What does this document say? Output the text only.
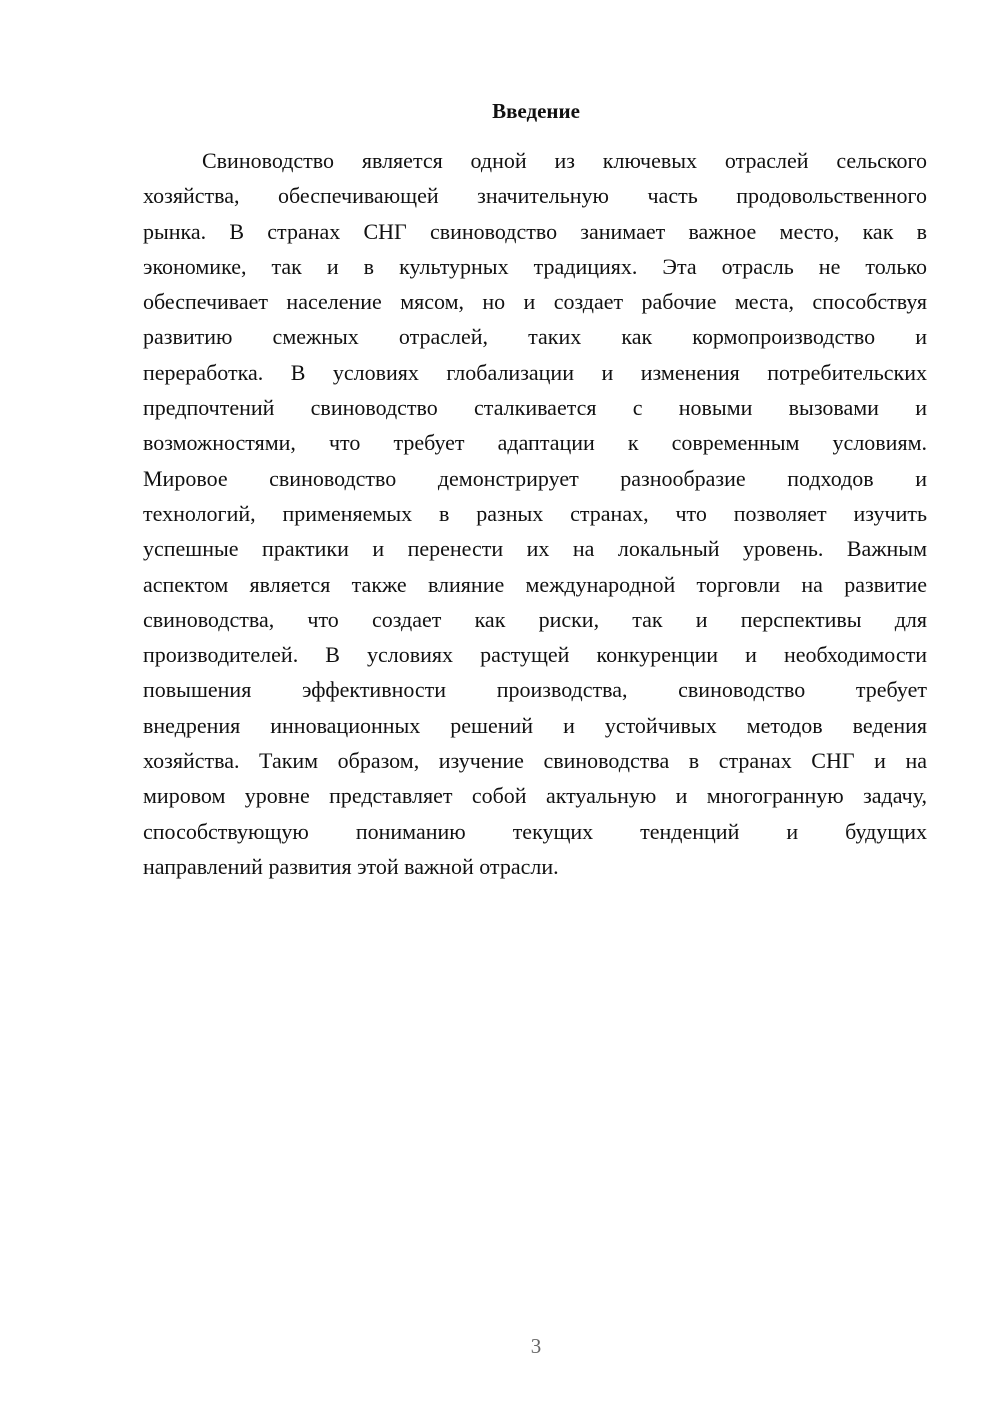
Введение
Свиноводство является одной из ключевых отраслей сельского
хозяйства, обеспечивающей значительную часть продовольственного
рынка. В странах СНГ свиноводство занимает важное место, как в
экономике, так и в культурных традициях. Эта отрасль не только
обеспечивает население мясом, но и создает рабочие места, способствуя
развитию смежных отраслей, таких как кормопроизводство и
переработка. В условиях глобализации и изменения потребительских
предпочтений свиноводство сталкивается с новыми вызовами и
возможностями, что требует адаптации к современным условиям.
Мировое свиноводство демонстрирует разнообразие подходов и
технологий, применяемых в разных странах, что позволяет изучить
успешные практики и перенести их на локальный уровень. Важным
аспектом является также влияние международной торговли на развитие
свиноводства, что создает как риски, так и перспективы для
производителей. В условиях растущей конкуренции и необходимости
повышения эффективности производства, свиноводство требует
внедрения инновационных решений и устойчивых методов ведения
хозяйства. Таким образом, изучение свиноводства в странах СНГ и на
мировом уровне представляет собой актуальную и многогранную задачу,
способствующую пониманию текущих тенденций и будущих
направлений развития этой важной отрасли.
3
